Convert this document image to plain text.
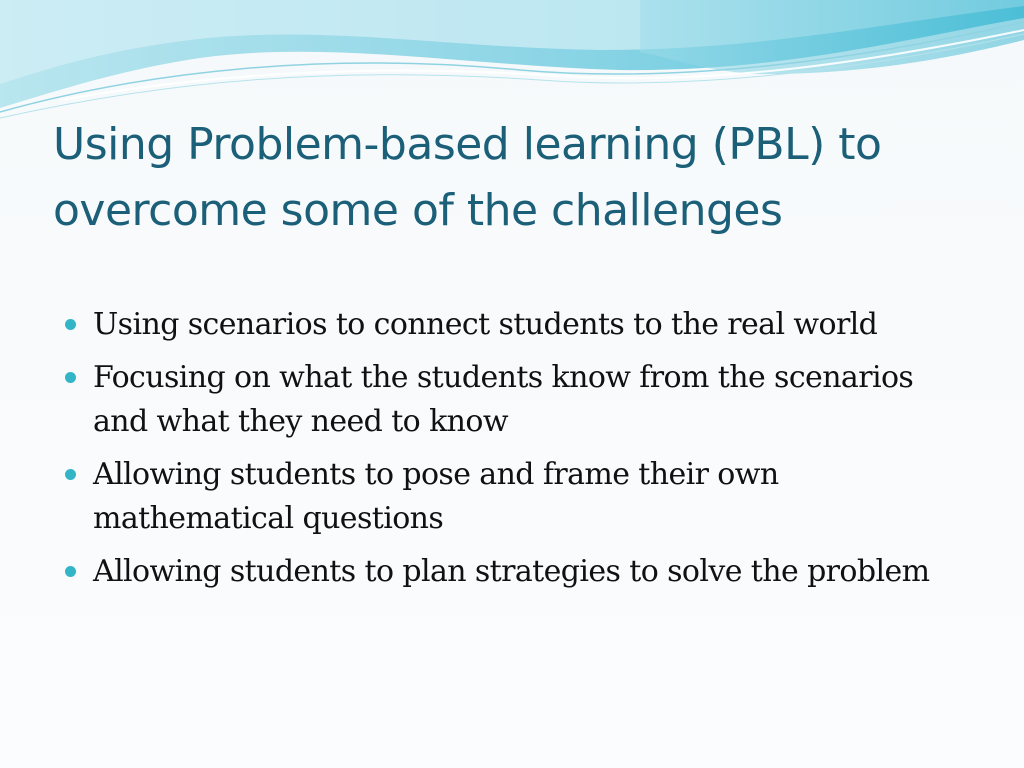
Using Problem-based learning (PBL) to overcome some of the challenges
Using scenarios to connect students to the real world
Focusing on what the students know from the scenarios and what they need to know
Allowing students to pose and frame their own mathematical questions
Allowing students to plan strategies to solve the problem
